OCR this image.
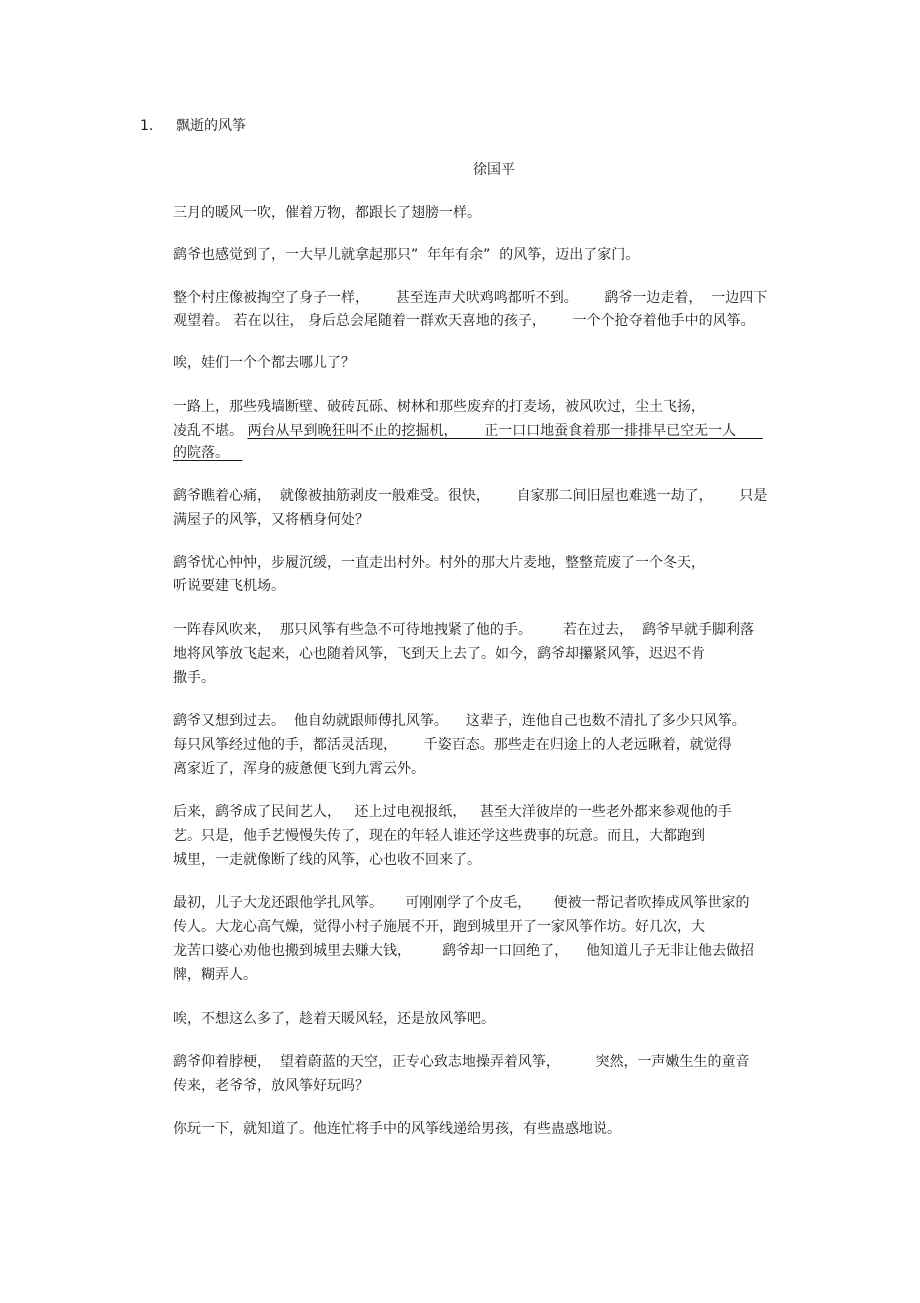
1. 飘逝的风筝
徐国平
三月的暖风一吹，催着万物，都跟长了翅膀一样。
鹞爷也感觉到了，一大早儿就拿起那只”  年年有余”  的风筝，迈出了家门。
整个村庄像被掏空了身子一样，      甚至连声犬吠鸡鸣都听不到。      鹞爷一边走着，  一边四下
观望着。 若在以往， 身后总会尾随着一群欢天喜地的孩子，      一个个抢夺着他手中的风筝。
唉，娃们一个个都去哪儿了？
一路上，那些残墙断壁、破砖瓦砾、树林和那些废弃的打麦场，被风吹过，尘土飞扬，
凌乱不堪。 两台从早到晚狂叫不止的挖掘机，      正一口口地蚕食着那一排排早已空无一人
的院落。
鹞爷瞧着心痛，  就像被抽筋剥皮一般难受。很快，      自家那二间旧屋也难逃一劫了，      只是
满屋子的风筝，又将栖身何处？
鹞爷忧心忡忡，步履沉缓，一直走出村外。村外的那大片麦地，整整荒废了一个冬天，
听说要建飞机场。
一阵春风吹来，  那只风筝有些急不可待地拽紧了他的手。       若在过去，  鹞爷早就手脚利落
地将风筝放飞起来，心也随着风筝，飞到天上去了。如今，鹞爷却攥紧风筝，迟迟不肯
撒手。
鹞爷又想到过去。  他自幼就跟师傅扎风筝。    这辈子，连他自己也数不清扎了多少只风筝。
每只风筝经过他的手，都活灵活现，      千姿百态。那些走在归途上的人老远瞅着，就觉得
离家近了，浑身的疲惫便飞到九霄云外。
后来，鹞爷成了民间艺人，   还上过电视报纸，   甚至大洋彼岸的一些老外都来参观他的手
艺。只是，他手艺慢慢失传了，现在的年轻人谁还学这些费事的玩意。而且，大都跑到
城里，一走就像断了线的风筝，心也收不回来了。
最初，儿子大龙还跟他学扎风筝。     可刚刚学了个皮毛，     便被一帮记者吹捧成风筝世家的
传人。大龙心高气燥，觉得小村子施展不开，跑到城里开了一家风筝作坊。好几次，大
龙苦口婆心劝他也搬到城里去赚大钱，       鹞爷却一口回绝了，    他知道儿子无非让他去做招
牌，糊弄人。
唉，不想这么多了，趁着天暖风轻，还是放风筝吧。
鹞爷仰着脖梗，  望着蔚蓝的天空，正专心致志地操弄着风筝，        突然，一声嫩生生的童音
传来，老爷爷，放风筝好玩吗？
你玩一下，就知道了。他连忙将手中的风筝线递给男孩，有些蛊惑地说。
